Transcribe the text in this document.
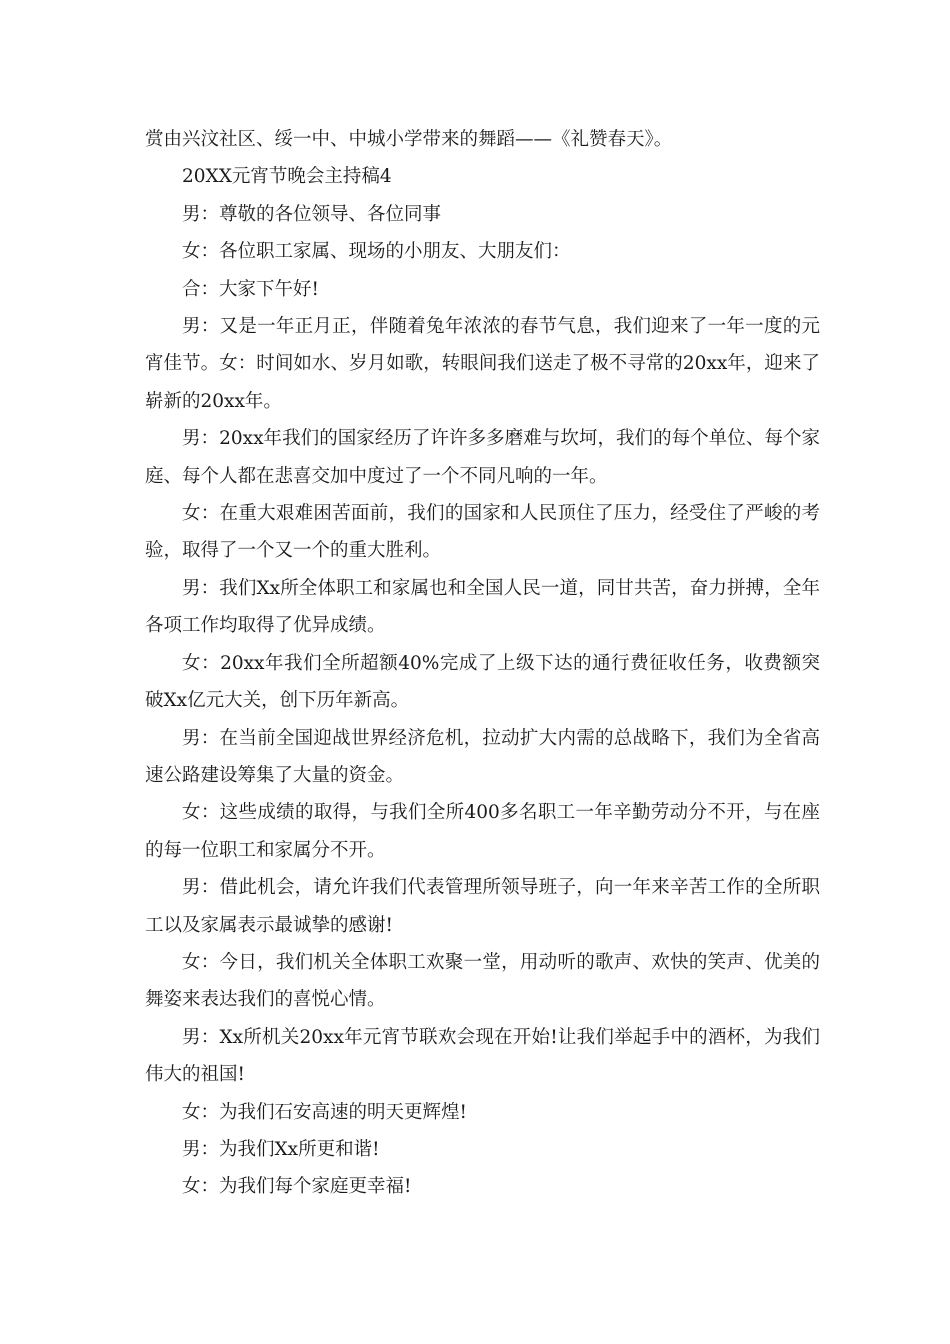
赏由兴汶社区、绥一中、中城小学带来的舞蹈——《礼赞春天》。

20XX元宵节晚会主持稿4

男：尊敬的各位领导、各位同事

女：各位职工家属、现场的小朋友、大朋友们：

合：大家下午好!

男：又是一年正月正，伴随着兔年浓浓的春节气息，我们迎来了一年一度的元宵佳节。女：时间如水、岁月如歌，转眼间我们送走了极不寻常的20xx年，迎来了崭新的20xx年。

男：20xx年我们的国家经历了许许多多磨难与坎坷，我们的每个单位、每个家庭、每个人都在悲喜交加中度过了一个不同凡响的一年。

女：在重大艰难困苦面前，我们的国家和人民顶住了压力，经受住了严峻的考验，取得了一个又一个的重大胜利。

男：我们Xx所全体职工和家属也和全国人民一道，同甘共苦，奋力拼搏，全年各项工作均取得了优异成绩。

女：20xx年我们全所超额40%完成了上级下达的通行费征收任务，收费额突破Xx亿元大关，创下历年新高。

男：在当前全国迎战世界经济危机，拉动扩大内需的总战略下，我们为全省高速公路建设筹集了大量的资金。

女：这些成绩的取得，与我们全所400多名职工一年辛勤劳动分不开，与在座的每一位职工和家属分不开。

男：借此机会，请允许我们代表管理所领导班子，向一年来辛苦工作的全所职工以及家属表示最诚挚的感谢!

女：今日，我们机关全体职工欢聚一堂，用动听的歌声、欢快的笑声、优美的舞姿来表达我们的喜悦心情。

男：Xx所机关20xx年元宵节联欢会现在开始!让我们举起手中的酒杯，为我们伟大的祖国!

女：为我们石安高速的明天更辉煌!

男：为我们Xx所更和谐!

女：为我们每个家庭更幸福!
